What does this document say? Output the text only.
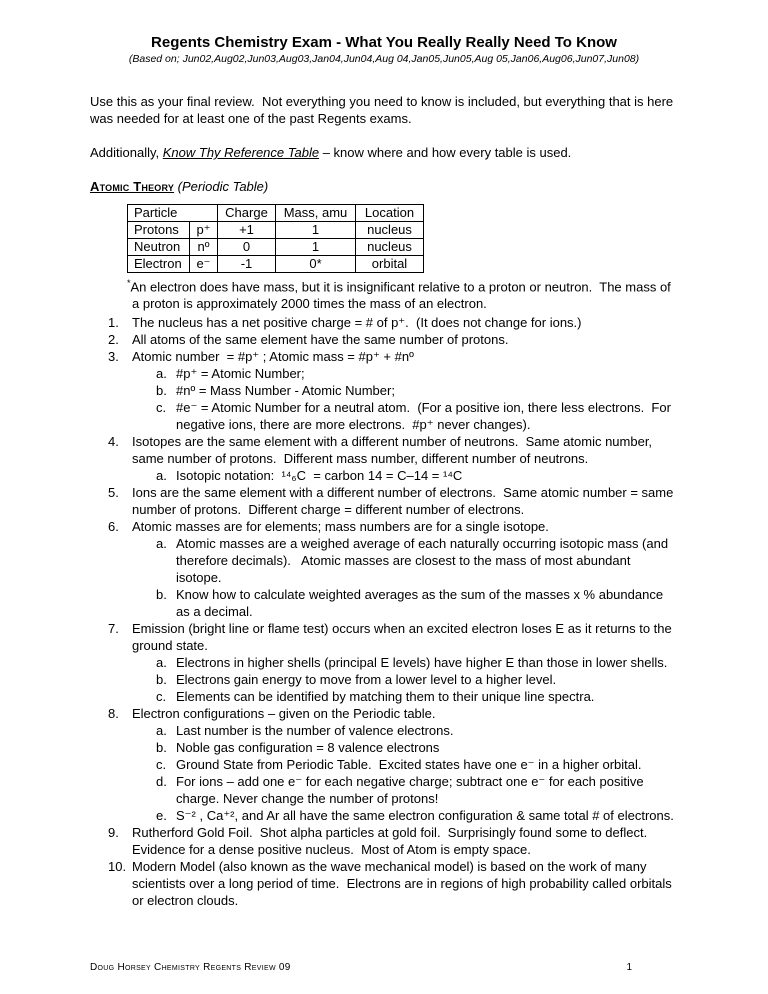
Regents Chemistry Exam - What You Really Really Need To Know
(Based on; Jun02,Aug02,Jun03,Aug03,Jan04,Jun04,Aug 04,Jan05,Jun05,Aug 05,Jan06,Aug06,Jun07,Jun08)

Use this as your final review.  Not everything you need to know is included, but everything that is here was needed for at least one of the past Regents exams.

Additionally, Know Thy Reference Table – know where and how every table is used.

Atomic Theory (Periodic Table)
Particle		Charge	Mass, amu	Location
Protons	p⁺	+1	1	nucleus
Neutron	nº	0	1	nucleus
Electron	e⁻	-1	0*	orbital

*An electron does have mass, but it is insignificant relative to a proton or neutron.  The mass of a proton is approximately 2000 times the mass of an electron.

1.	The nucleus has a net positive charge = # of p⁺.  (It does not change for ions.)
2.	All atoms of the same element have the same number of protons.
3.	Atomic number  = #p⁺ ; Atomic mass = #p⁺ + #nº
a. #p⁺ = Atomic Number;
b. #nº = Mass Number - Atomic Number;
c. #e⁻ = Atomic Number for a neutral atom.  (For a positive ion, there less electrons.  For negative ions, there are more electrons.  #p⁺ never changes).
4.	Isotopes are the same element with a different number of neutrons.  Same atomic number, same number of protons.  Different mass number, different number of neutrons.
a. Isotopic notation:  ¹⁴₆C  = carbon 14 = C–14 = ¹⁴C
5.	Ions are the same element with a different number of electrons.  Same atomic number = same number of protons.  Different charge = different number of electrons.
6.	Atomic masses are for elements; mass numbers are for a single isotope.
a. Atomic masses are a weighed average of each naturally occurring isotopic mass (and therefore decimals).   Atomic masses are closest to the mass of most abundant isotope.
b. Know how to calculate weighted averages as the sum of the masses x % abundance as a decimal.
7.	Emission (bright line or flame test) occurs when an excited electron loses E as it returns to the ground state.
a. Electrons in higher shells (principal E levels) have higher E than those in lower shells.
b. Electrons gain energy to move from a lower level to a higher level.
c. Elements can be identified by matching them to their unique line spectra.
8.	Electron configurations – given on the Periodic table.
a. Last number is the number of valence electrons.
b. Noble gas configuration = 8 valence electrons
c. Ground State from Periodic Table.  Excited states have one e⁻ in a higher orbital.
d. For ions – add one e⁻ for each negative charge; subtract one e⁻ for each positive charge. Never change the number of protons!
e. S⁻² , Ca⁺², and Ar all have the same electron configuration & same total # of electrons.
9.	Rutherford Gold Foil.  Shot alpha particles at gold foil.  Surprisingly found some to deflect.   Evidence for a dense positive nucleus.  Most of Atom is empty space.
10. Modern Model (also known as the wave mechanical model) is based on the work of many scientists over a long period of time.  Electrons are in regions of high probability called orbitals or electron clouds.
Doug Horsey Chemistry Regents Review 09	1
